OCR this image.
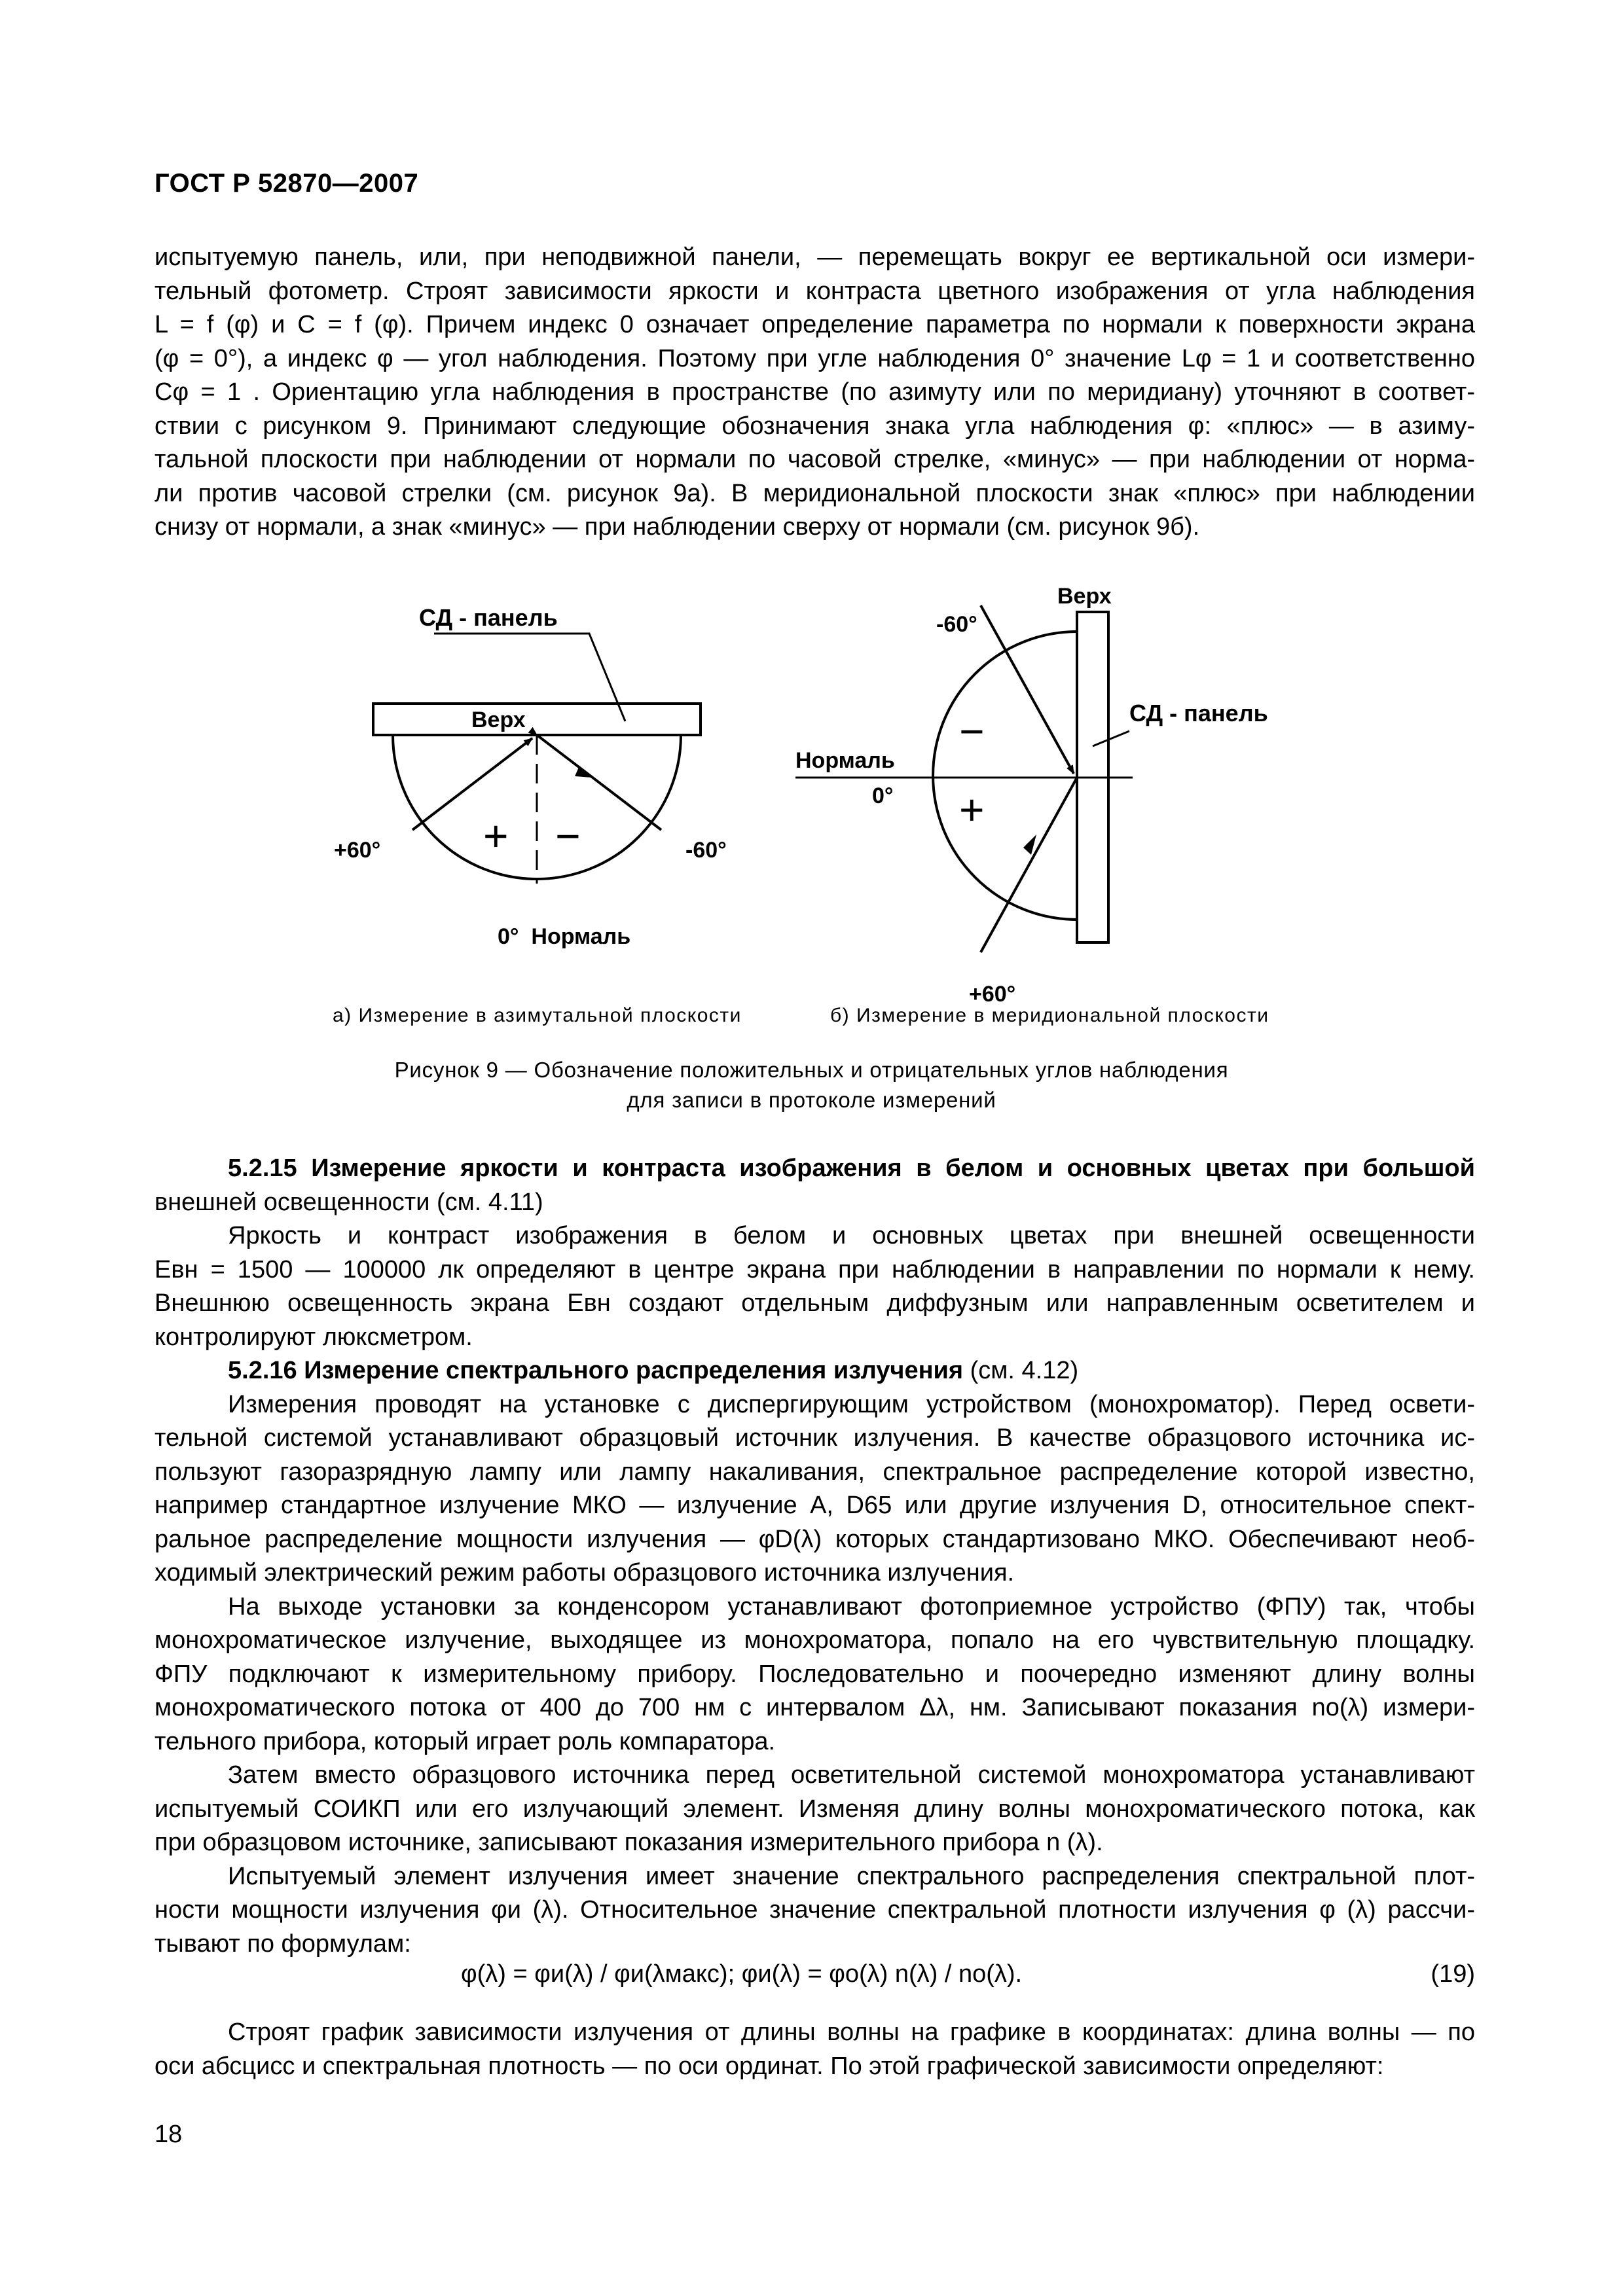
ГОСТ Р 52870—2007
испытуемую панель, или, при неподвижной панели, — перемещать вокруг ее вертикальной оси измери-
тельный фотометр. Строят зависимости яркости и контраста цветного изображения от угла наблюдения
L = f (φ) и C = f (φ). Причем индекс 0 означает определение параметра по нормали к поверхности экрана
(φ = 0°), а индекс φ — угол наблюдения. Поэтому при угле наблюдения 0° значение Lφ = 1 и соответственно
Cφ = 1 . Ориентацию угла наблюдения в пространстве (по азимуту или по меридиану) уточняют в соответ-
ствии с рисунком 9. Принимают следующие обозначения знака угла наблюдения φ: «плюс» — в азиму-
тальной плоскости при наблюдении от нормали по часовой стрелке, «минус» — при наблюдении от норма-
ли против часовой стрелки (см. рисунок 9а). В меридиональной плоскости знак «плюс» при наблюдении
снизу от нормали, а знак «минус» — при наблюдении сверху от нормали (см. рисунок 9б).
СД - панель
Верх
+60°	-60°
+ −
0°  Нормаль
Верх
-60°
СД - панель
Нормаль
0°
+60°
−
+
а) Измерение в азимутальной плоскости	б) Измерение в меридиональной плоскости
Рисунок 9 — Обозначение положительных и отрицательных углов наблюдения
для записи в протоколе измерений
5.2.15 Измерение яркости и контраста изображения в белом и основных цветах при большой
внешней освещенности (см. 4.11)
Яркость и контраст изображения в белом и основных цветах при внешней освещенности
Eвн = 1500 — 100000 лк определяют в центре экрана при наблюдении в направлении по нормали к нему.
Внешнюю освещенность экрана Eвн создают отдельным диффузным или направленным осветителем и
контролируют люксметром.
5.2.16 Измерение спектрального распределения излучения (см. 4.12)
Измерения проводят на установке с диспергирующим устройством (монохроматор). Перед освети-
тельной системой устанавливают образцовый источник излучения. В качестве образцового источника ис-
пользуют газоразрядную лампу или лампу накаливания, спектральное распределение которой известно,
например стандартное излучение МКО — излучение А, D65 или другие излучения D, относительное спект-
ральное распределение мощности излучения — φD(λ) которых стандартизовано МКО. Обеспечивают необ-
ходимый электрический режим работы образцового источника излучения.
На выходе установки за конденсором устанавливают фотоприемное устройство (ФПУ) так, чтобы
монохроматическое излучение, выходящее из монохроматора, попало на его чувствительную площадку.
ФПУ подключают к измерительному прибору. Последовательно и поочередно изменяют длину волны
монохроматического потока от 400 до 700 нм с интервалом Δλ, нм. Записывают показания nо(λ) измери-
тельного прибора, который играет роль компаратора.
Затем вместо образцового источника перед осветительной системой монохроматора устанавливают
испытуемый СОИКП или его излучающий элемент. Изменяя длину волны монохроматического потока, как
при образцовом источнике, записывают показания измерительного прибора n (λ).
Испытуемый элемент излучения имеет значение спектрального распределения спектральной плот-
ности мощности излучения φи (λ). Относительное значение спектральной плотности излучения φ (λ) рассчи-
тывают по формулам:
φ(λ) = φи(λ) / φи(λмакс); φи(λ) = φо(λ) n(λ) / nо(λ).	(19)
Строят график зависимости излучения от длины волны на графике в координатах: длина волны — по
оси абсцисс и спектральная плотность — по оси ординат. По этой графической зависимости определяют:
18
